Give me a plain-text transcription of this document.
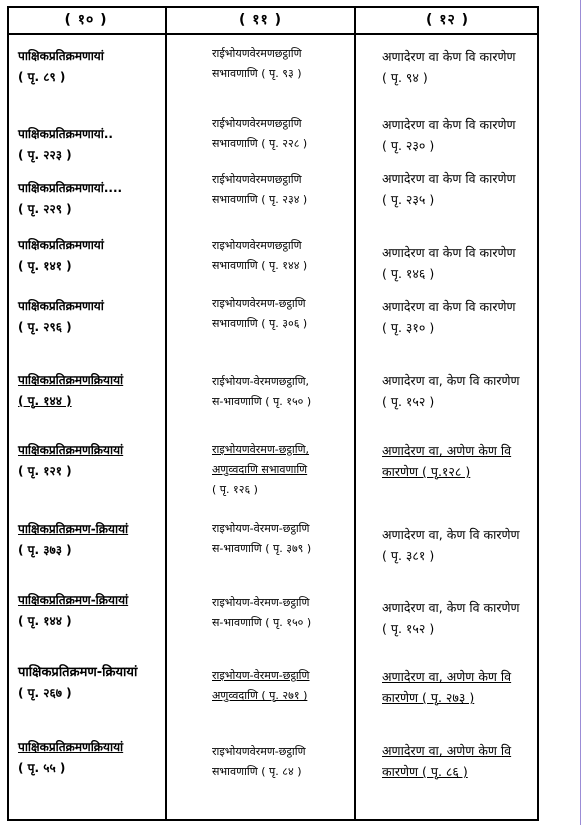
( १० )	( ११ )	( १२ )
पाक्षिकप्रतिक्रमणायां
( पृ. ८९ )
राईभोयणवेरमणछट्ठाणि
सभावणाणि ( पृ. ९३ )
अणादेरण वा केण वि कारणेण
( पृ. ९४ )
पाक्षिकप्रतिक्रमणायां..
( पृ. २२३ )
राईभोयणवेरमणछट्ठाणि
सभावणाणि ( पृ. २२८ )
अणादेरण वा केण वि कारणेण
( पृ. २३० )
पाक्षिकप्रतिक्रमणायां....
( पृ. २२९ )
राईभोयणवेरमणछट्ठाणि
सभावणाणि ( पृ. २३४ )
अणादेरण वा केण वि कारणेण
( पृ. २३५ )
पाक्षिकप्रतिक्रमणायां
( पृ. १४१ )
राइभोयणवेरमणछट्ठाणि
सभावणाणि ( पृ. १४४ )
अणादेरण वा केण वि कारणेण
( पृ. १४६ )
पाक्षिकप्रतिक्रमणायां
( पृ. २९६ )
राइभोयणवेरमण-छट्ठाणि
सभावणाणि ( पृ. ३०६ )
अणादेरण वा केण वि कारणेण
( पृ. ३१० )
पाक्षिकप्रतिक्रमणक्रियायां
( पृ. १४४ )
राईभोयण-वेरमणछट्ठाणि,
स-भावणाणि ( पृ. १५० )
अणादेरण वा, केण वि कारणेण
( पृ. १५२ )
पाक्षिकप्रतिक्रमणक्रियायां
( पृ. १२१ )
राइभोयणवेरमण-छट्ठाणि,
अणुव्वदाणि सभावणाणि
( पृ. १२६ )
अणादेरण वा, अणेण केण वि
कारणेण ( पृ.१२८ )
पाक्षिकप्रतिक्रमण-क्रियायां
( पृ. ३७३ )
राइभोयण-वेरमण-छट्ठाणि
स-भावणाणि ( पृ. ३७९ )
अणादेरण वा, केण वि कारणेण
( पृ. ३८१ )
पाक्षिकप्रतिक्रमण-क्रियायां
( पृ. १४४ )
राइभोयण-वेरमण-छट्ठाणि
स-भावणाणि ( पृ. १५० )
अणादेरण वा, केण वि कारणेण
( पृ. १५२ )
पाक्षिकप्रतिक्रमण-क्रियायां
( पृ. २६७ )
राइभोयण-वेरमण-छट्ठाणि
अणुव्वदाणि ( पृ. २७१ )
अणादेरण वा, अणेण केण वि
कारणेण ( पृ. २७३ )
पाक्षिकप्रतिक्रमणक्रियायां
( पृ. ५५ )
राइभोयणवेरमण-छट्ठाणि
सभावणाणि ( पृ. ८४ )
अणादेरण वा, अणेण केण वि
कारणेण ( पृ. ८६ )
